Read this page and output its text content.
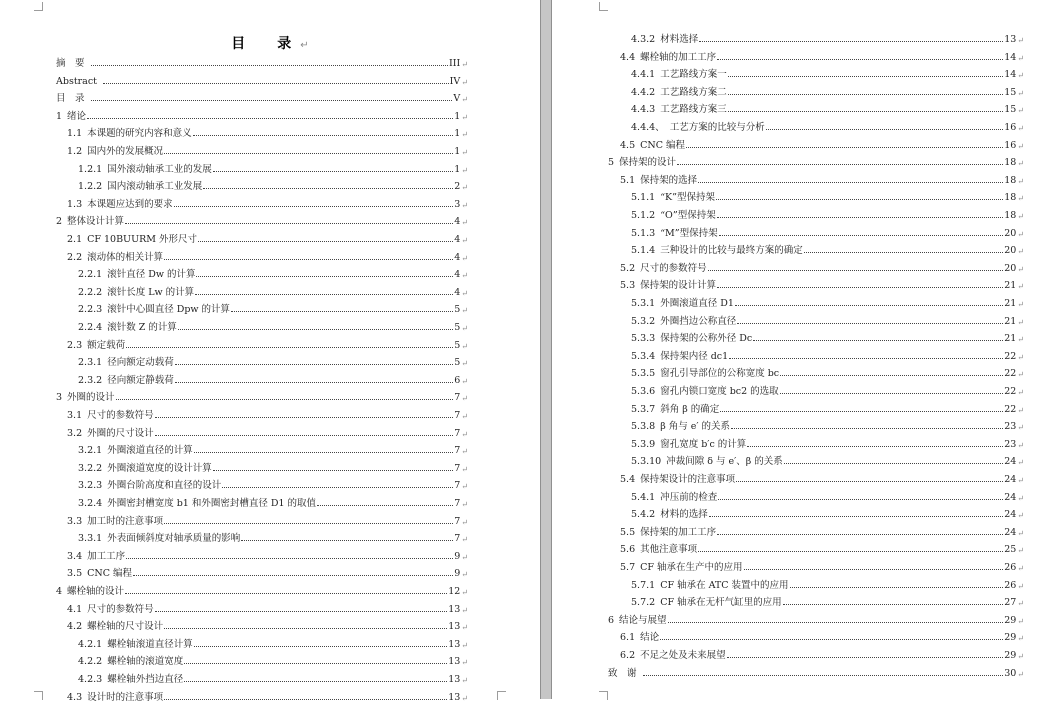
目　录↵
摘　要	III ↵
Abstract	IV ↵
目　录	V ↵
1 绪论	1 ↵
1.1 本课题的研究内容和意义	1 ↵
1.2 国内外的发展概况	1 ↵
1.2.1 国外滚动轴承工业的发展	1 ↵
1.2.2 国内滚动轴承工业发展	2 ↵
1.3 本课题应达到的要求	3 ↵
2 整体设计计算	4 ↵
2.1 CF 10BUURM 外形尺寸	4 ↵
2.2 滚动体的相关计算	4 ↵
2.2.1 滚针直径 Dw 的计算	4 ↵
2.2.2 滚针长度 Lw 的计算	4 ↵
2.2.3 滚针中心圆直径 Dpw 的计算	5 ↵
2.2.4 滚针数 Z 的计算	5 ↵
2.3 额定载荷	5 ↵
2.3.1 径向额定动载荷	5 ↵
2.3.2 径向额定静载荷	6 ↵
3 外圈的设计	7 ↵
3.1 尺寸的参数符号	7 ↵
3.2 外圈的尺寸设计	7 ↵
3.2.1 外圈滚道直径的计算	7 ↵
3.2.2 外圈滚道宽度的设计计算	7 ↵
3.2.3 外圈台阶高度和直径的设计	7 ↵
3.2.4 外圈密封槽宽度 b1 和外圈密封槽直径 D1 的取值	7 ↵
3.3 加工时的注意事项	7 ↵
3.3.1 外表面倾斜度对轴承质量的影响	7 ↵
3.4 加工工序	9 ↵
3.5 CNC 编程	9 ↵
4 螺栓轴的设计	12 ↵
4.1 尺寸的参数符号	13 ↵
4.2 螺栓轴的尺寸设计	13 ↵
4.2.1 螺栓轴滚道直径计算	13 ↵
4.2.2 螺栓轴的滚道宽度	13 ↵
4.2.3 螺栓轴外挡边直径	13 ↵
4.3 设计时的注意事项	13 ↵
4.3.2 材料选择	13 ↵
4.4 螺栓轴的加工工序	14 ↵
4.4.1 工艺路线方案一	14 ↵
4.4.2 工艺路线方案二	15 ↵
4.4.3 工艺路线方案三	15 ↵
4.4.4、 工艺方案的比较与分析	16 ↵
4.5 CNC 编程	16 ↵
5 保持架的设计	18 ↵
5.1 保持架的选择	18 ↵
5.1.1 “K”型保持架	18 ↵
5.1.2 “O”型保持架	18 ↵
5.1.3 “M”型保持架	20 ↵
5.1.4 三种设计的比较与最终方案的确定	20 ↵
5.2 尺寸的参数符号	20 ↵
5.3 保持架的设计计算	21 ↵
5.3.1 外圈滚道直径 D1	21 ↵
5.3.2 外圈挡边公称直径	21 ↵
5.3.3 保持架的公称外径 Dc	21 ↵
5.3.4 保持架内径 dc1	22 ↵
5.3.5 窗孔引导部位的公称宽度 bc	22 ↵
5.3.6 窗孔内锁口宽度 bc2 的选取	22 ↵
5.3.7 斜角 β 的确定	22 ↵
5.3.8 β 角与 e′ 的关系	23 ↵
5.3.9 窗孔宽度 b′c 的计算	23 ↵
5.3.10 冲裁间隙 δ 与 e′、β 的关系	24 ↵
5.4 保持架设计的注意事项	24 ↵
5.4.1 冲压前的检查	24 ↵
5.4.2 材料的选择	24 ↵
5.5 保持架的加工工序	24 ↵
5.6 其他注意事项	25 ↵
5.7 CF 轴承在生产中的应用	26 ↵
5.7.1 CF 轴承在 ATC 装置中的应用	26 ↵
5.7.2 CF 轴承在无杆气缸里的应用	27 ↵
6 结论与展望	29 ↵
6.1 结论	29 ↵
6.2 不足之处及未来展望	29 ↵
致　谢	30 ↵
